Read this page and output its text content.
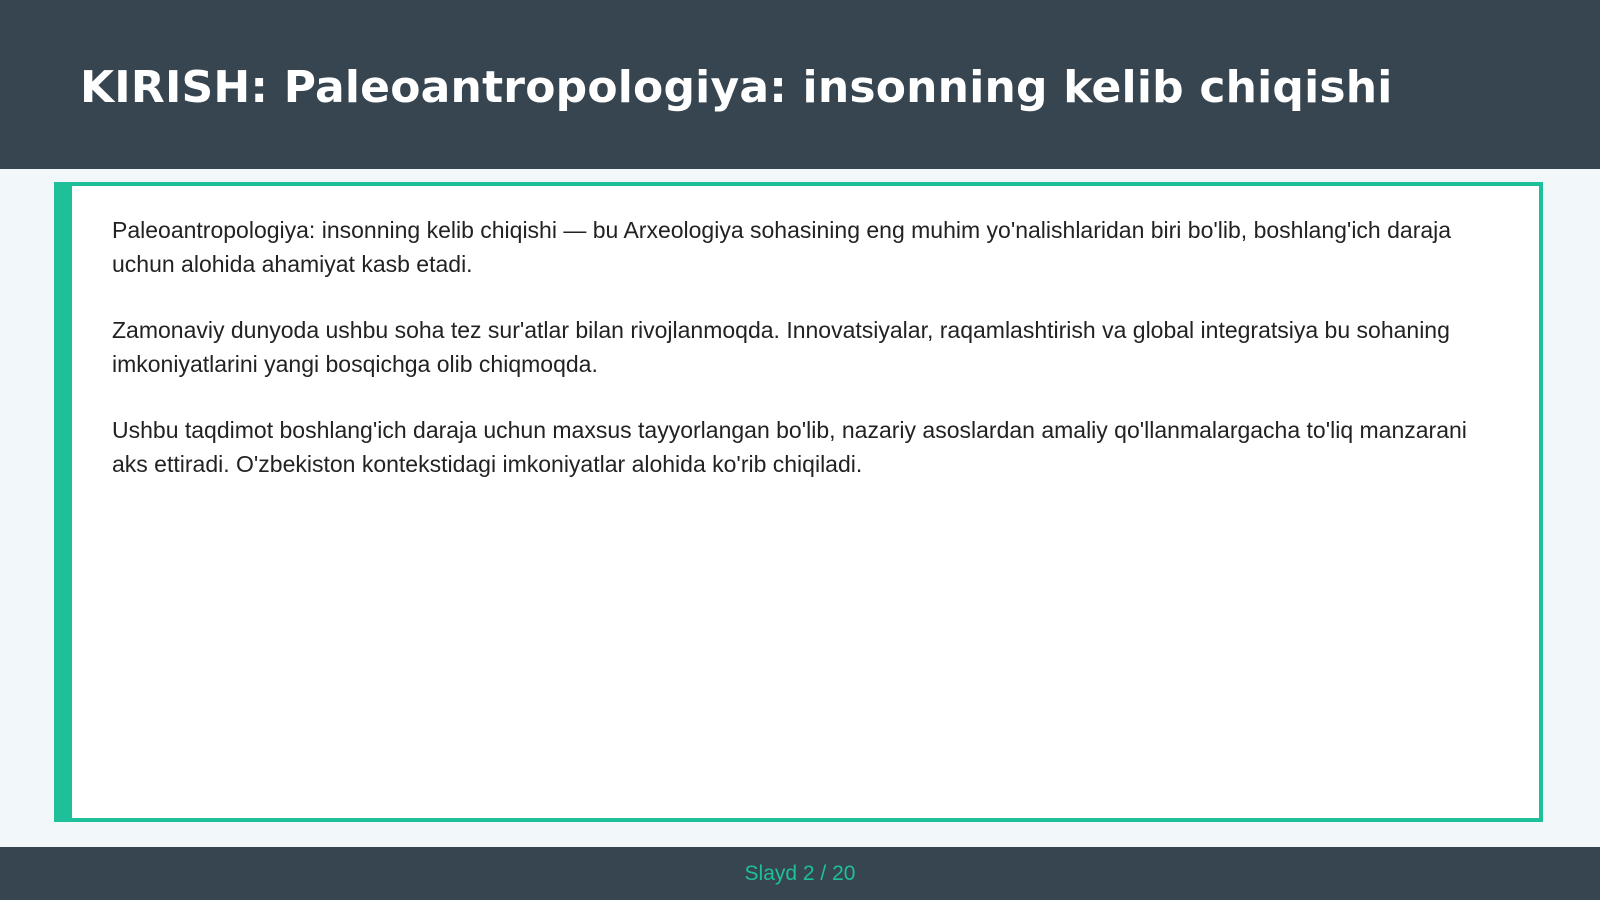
KIRISH: Paleoantropologiya: insonning kelib chiqishi

Paleoantropologiya: insonning kelib chiqishi — bu Arxeologiya sohasining eng muhim yo'nalishlaridan biri bo'lib, boshlang'ich daraja uchun alohida ahamiyat kasb etadi.

Zamonaviy dunyoda ushbu soha tez sur'atlar bilan rivojlanmoqda. Innovatsiyalar, raqamlashtirish va global integratsiya bu sohaning imkoniyatlarini yangi bosqichga olib chiqmoqda.

Ushbu taqdimot boshlang'ich daraja uchun maxsus tayyorlangan bo'lib, nazariy asoslardan amaliy qo'llanmalargacha to'liq manzarani aks ettiradi. O'zbekiston kontekstidagi imkoniyatlar alohida ko'rib chiqiladi.

Slayd 2 / 20
